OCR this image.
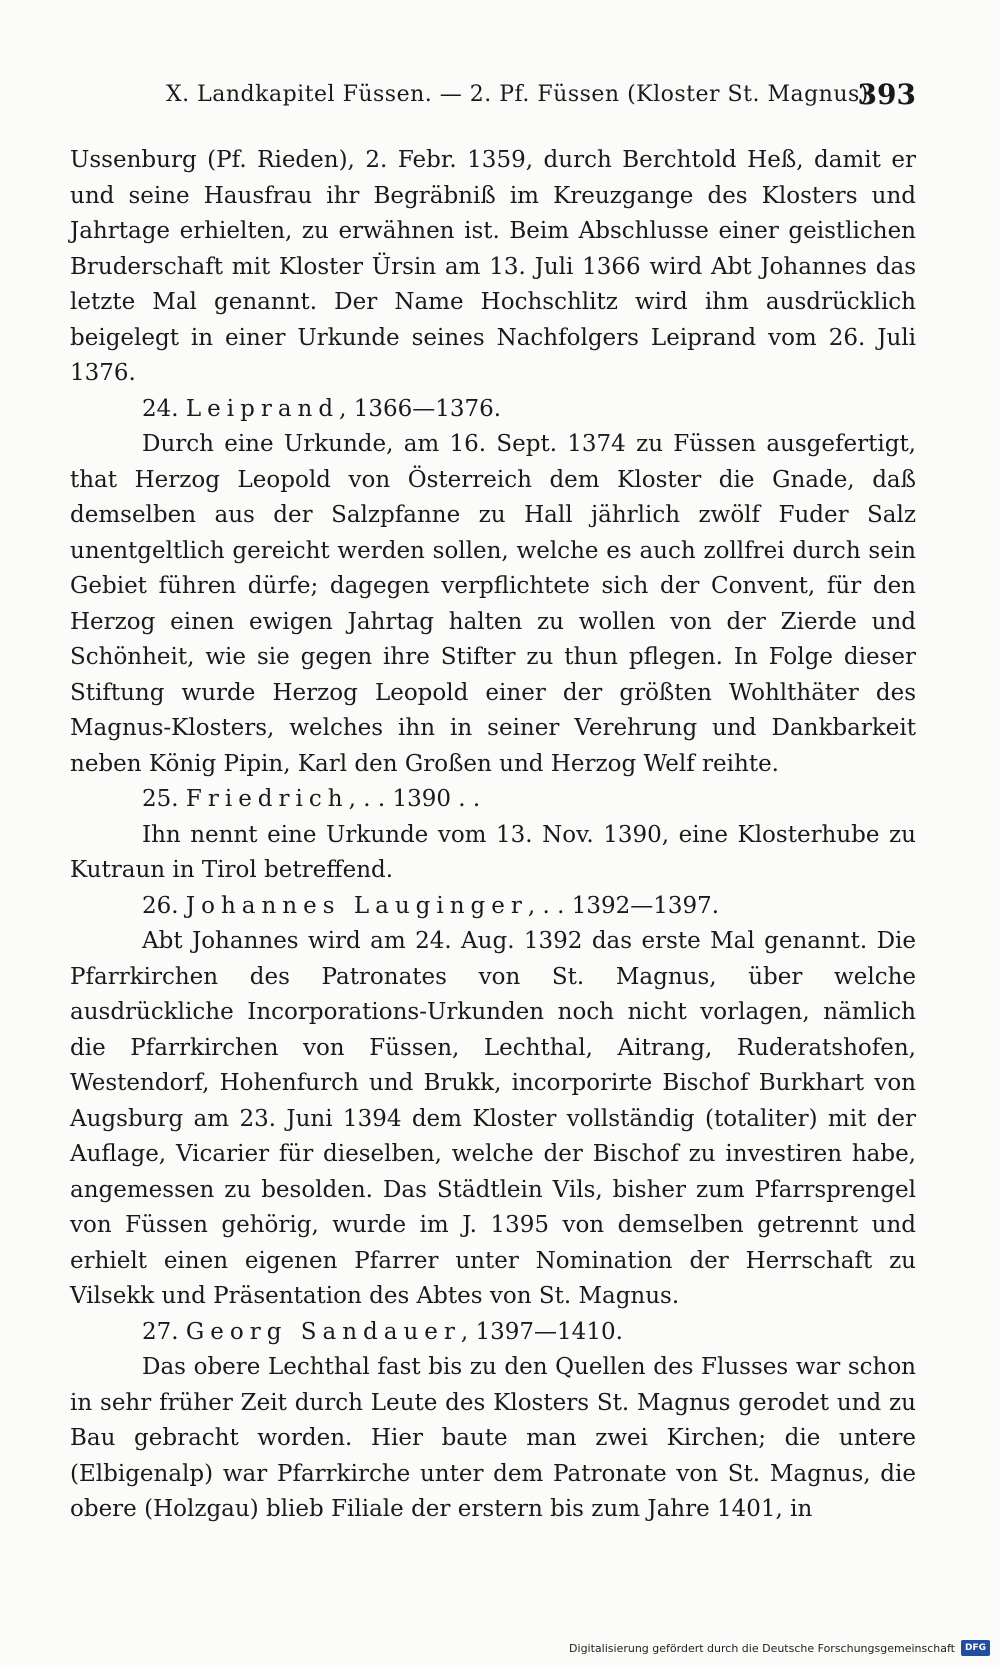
X. Landkapitel Füssen. — 2. Pf. Füssen (Kloster St. Magnus).
393

Ussenburg (Pf. Rieden), 2. Febr. 1359, durch Berchtold Heß, damit er und seine Hausfrau ihr Begräbniß im Kreuzgange des Klosters und Jahrtage erhielten, zu erwähnen ist. Beim Abschlusse einer geistlichen Bruderschaft mit Kloster Ürsin am 13. Juli 1366 wird Abt Johannes das letzte Mal genannt. Der Name Hochschlitz wird ihm ausdrücklich beigelegt in einer Urkunde seines Nachfolgers Leiprand vom 26. Juli 1376.

24. Leiprand, 1366—1376.

Durch eine Urkunde, am 16. Sept. 1374 zu Füssen ausgefertigt, that Herzog Leopold von Österreich dem Kloster die Gnade, daß demselben aus der Salzpfanne zu Hall jährlich zwölf Fuder Salz unentgeltlich gereicht werden sollen, welche es auch zollfrei durch sein Gebiet führen dürfe; dagegen verpflichtete sich der Convent, für den Herzog einen ewigen Jahrtag halten zu wollen von der Zierde und Schönheit, wie sie gegen ihre Stifter zu thun pflegen. In Folge dieser Stiftung wurde Herzog Leopold einer der größten Wohlthäter des Magnus-Klosters, welches ihn in seiner Verehrung und Dankbarkeit neben König Pipin, Karl den Großen und Herzog Welf reihte.

25. Friedrich, . . 1390 . .

Ihn nennt eine Urkunde vom 13. Nov. 1390, eine Klosterhube zu Kutraun in Tirol betreffend.

26. Johannes Lauginger, . . 1392—1397.

Abt Johannes wird am 24. Aug. 1392 das erste Mal genannt. Die Pfarrkirchen des Patronates von St. Magnus, über welche ausdrückliche Incorporations-Urkunden noch nicht vorlagen, nämlich die Pfarrkirchen von Füssen, Lechthal, Aitrang, Ruderatshofen, Westendorf, Hohenfurch und Brukk, incorporirte Bischof Burkhart von Augsburg am 23. Juni 1394 dem Kloster vollständig (totaliter) mit der Auflage, Vicarier für dieselben, welche der Bischof zu investiren habe, angemessen zu besolden. Das Städtlein Vils, bisher zum Pfarrsprengel von Füssen gehörig, wurde im J. 1395 von demselben getrennt und erhielt einen eigenen Pfarrer unter Nomination der Herrschaft zu Vilsekk und Präsentation des Abtes von St. Magnus.

27. Georg Sandauer, 1397—1410.

Das obere Lechthal fast bis zu den Quellen des Flusses war schon in sehr früher Zeit durch Leute des Klosters St. Magnus gerodet und zu Bau gebracht worden. Hier baute man zwei Kirchen; die untere (Elbigenalp) war Pfarrkirche unter dem Patronate von St. Magnus, die obere (Holzgau) blieb Filiale der erstern bis zum Jahre 1401, in

Digitalisierung gefördert durch die Deutsche Forschungsgemeinschaft	DFG
